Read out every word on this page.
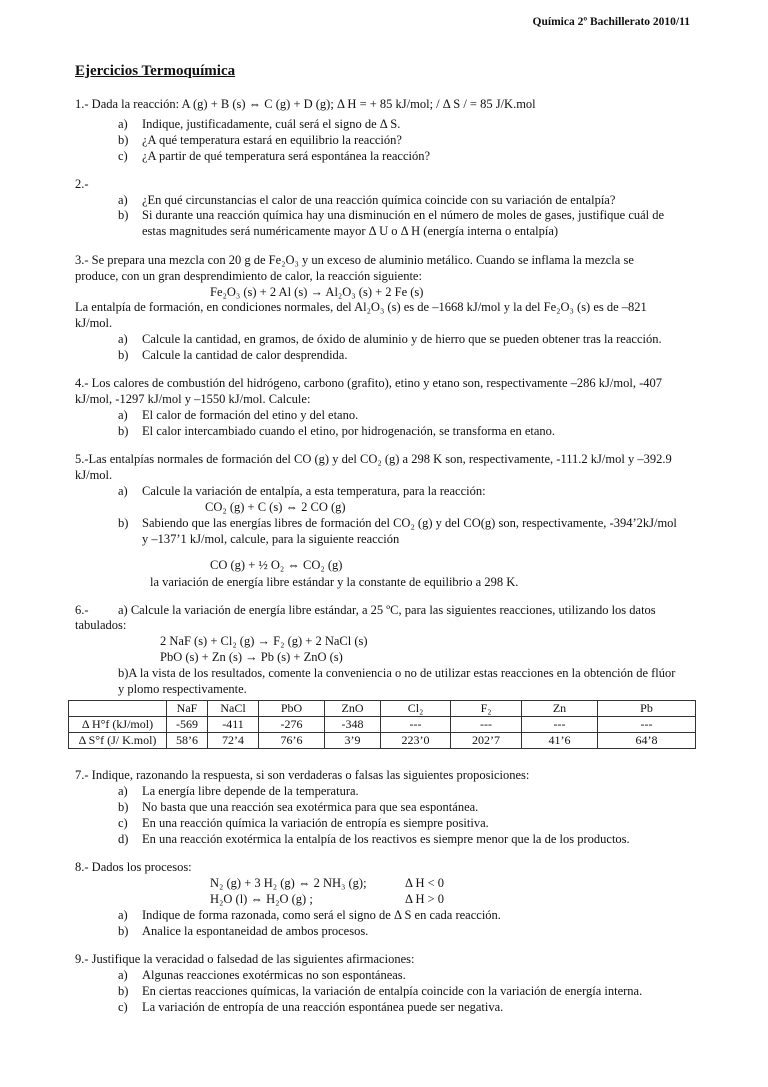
Química 2º Bachillerato 2010/11
Ejercicios Termoquímica
1.- Dada la reacción: A (g) + B (s) ⇔ C (g) + D (g); Δ H = + 85 kJ/mol; / Δ S / = 85 J/K.mol
a) Indique, justificadamente, cuál será el signo de Δ S.
b) ¿A qué temperatura estará en equilibrio la reacción?
c) ¿A partir de qué temperatura será espontánea la reacción?
2.-
a) ¿En qué circunstancias el calor de una reacción química coincide con su variación de entalpía?
b) Si durante una reacción química hay una disminución en el número de moles de gases, justifique cuál de
estas magnitudes será numéricamente mayor Δ U o Δ H (energía interna o entalpía)
3.- Se prepara una mezcla con 20 g de Fe₂O₃ y un exceso de aluminio metálico. Cuando se inflama la mezcla se
produce, con un gran desprendimiento de calor, la reacción siguiente:
Fe₂O₃ (s) + 2 Al (s) → Al₂O₃ (s) + 2 Fe (s)
La entalpía de formación, en condiciones normales, del Al₂O₃ (s) es de –1668 kJ/mol y la del Fe₂O₃ (s) es de –821
kJ/mol.
a) Calcule la cantidad, en gramos, de óxido de aluminio y de hierro que se pueden obtener tras la reacción.
b) Calcule la cantidad de calor desprendida.
4.- Los calores de combustión del hidrógeno, carbono (grafito), etino y etano son, respectivamente –286 kJ/mol, -407
kJ/mol, -1297 kJ/mol y –1550 kJ/mol. Calcule:
a) El calor de formación del etino y del etano.
b) El calor intercambiado cuando el etino, por hidrogenación, se transforma en etano.
5.-Las entalpías normales de formación del CO (g) y del CO₂ (g) a 298 K son, respectivamente, -111.2 kJ/mol y –392.9
kJ/mol.
a) Calcule la variación de entalpía, a esta temperatura, para la reacción:
CO₂ (g) + C (s) ⇔ 2 CO (g)
b) Sabiendo que las energías libres de formación del CO₂ (g) y del CO(g) son, respectivamente, -394’2kJ/mol
y –137’1 kJ/mol, calcule, para la siguiente reacción
CO (g) + ½ O₂ ⇔ CO₂ (g)
la variación de energía libre estándar y la constante de equilibrio a 298 K.
6.- a) Calcule la variación de energía libre estándar, a 25 ºC, para las siguientes reacciones, utilizando los datos
tabulados:
2 NaF (s) + Cl₂ (g) → F₂ (g) + 2 NaCl (s)
PbO (s) + Zn (s) → Pb (s) + ZnO (s)
b)A la vista de los resultados, comente la conveniencia o no de utilizar estas reacciones en la obtención de flúor
y plomo respectivamente.
	NaF	NaCl	PbO	ZnO	Cl₂	F₂	Zn	Pb
Δ H°f (kJ/mol)	-569	-411	-276	-348	---	---	---	---
Δ S°f (J/ K.mol)	58’6	72’4	76’6	3’9	223’0	202’7	41’6	64’8
7.- Indique, razonando la respuesta, si son verdaderas o falsas las siguientes proposiciones:
a) La energía libre depende de la temperatura.
b) No basta que una reacción sea exotérmica para que sea espontánea.
c) En una reacción química la variación de entropía es siempre positiva.
d) En una reacción exotérmica la entalpía de los reactivos es siempre menor que la de los productos.
8.- Dados los procesos:
N₂ (g) + 3 H₂ (g) ⇔ 2 NH₃ (g);	Δ H < 0
H₂O (l) ⇔ H₂O (g) ;	Δ H > 0
a) Indique de forma razonada, como será el signo de Δ S en cada reacción.
b) Analice la espontaneidad de ambos procesos.
9.- Justifique la veracidad o falsedad de las siguientes afirmaciones:
a) Algunas reacciones exotérmicas no son espontáneas.
b) En ciertas reacciones químicas, la variación de entalpía coincide con la variación de energía interna.
c) La variación de entropía de una reacción espontánea puede ser negativa.
